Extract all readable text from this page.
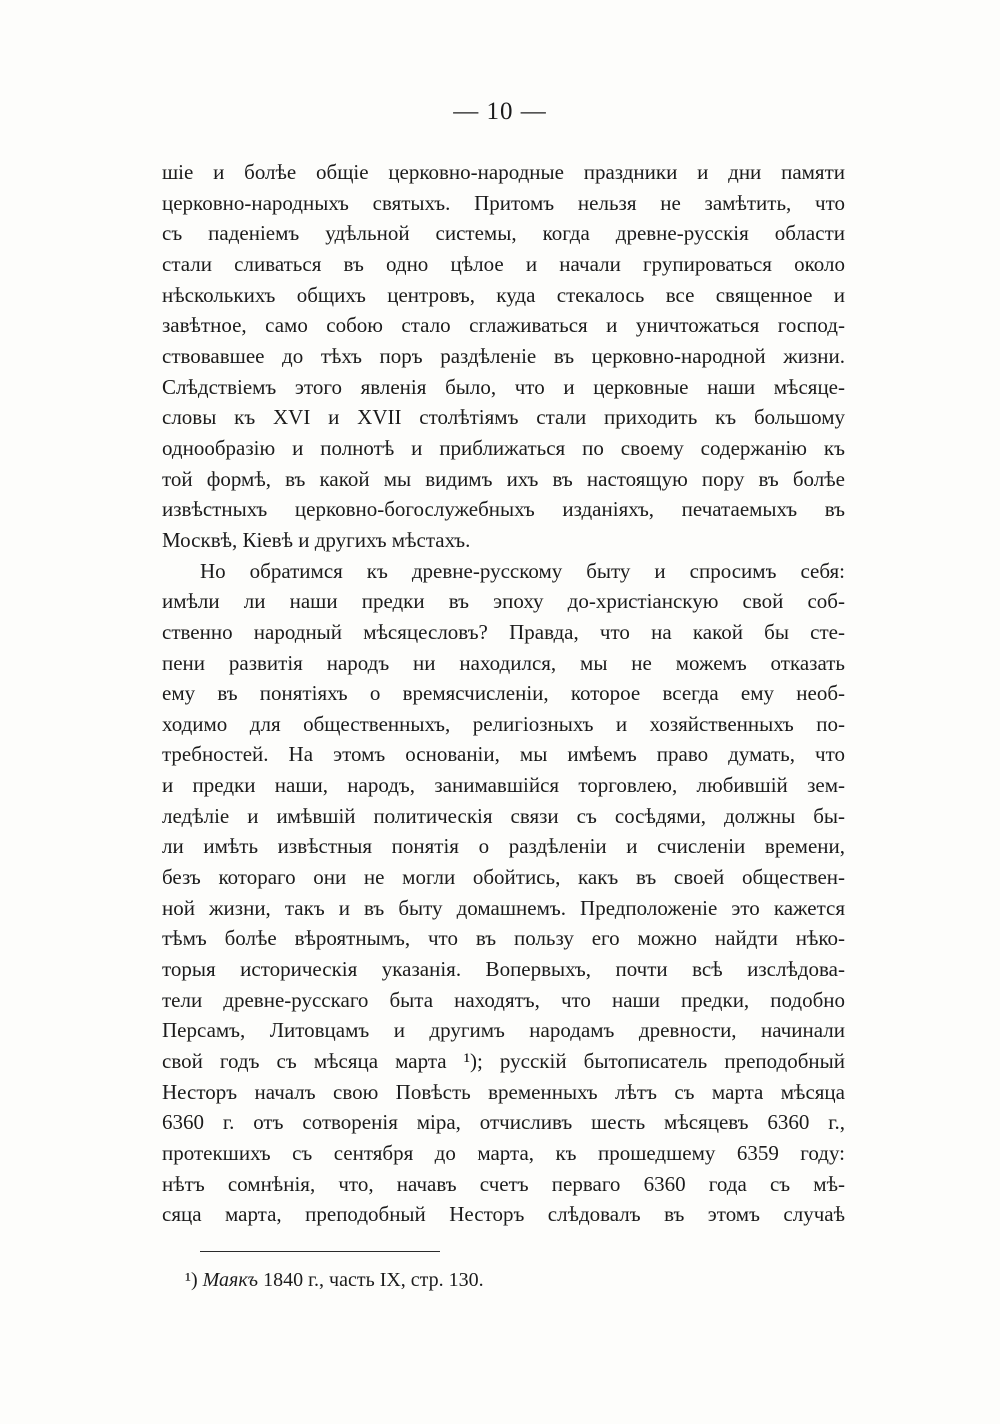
— 10 —
шіе и болѣе общіе церковно-народные праздники и дни памяти
церковно-народныхъ святыхъ. Притомъ нельзя не замѣтить, что
съ паденіемъ удѣльной системы, когда древне-русскія области
стали сливаться въ одно цѣлое и начали групироваться около
нѣсколькихъ общихъ центровъ, куда стекалось все священное и
завѣтное, само собою стало сглаживаться и уничтожаться господ-
ствовавшее до тѣхъ поръ раздѣленіе въ церковно-народной жизни.
Слѣдствіемъ этого явленія было, что и церковные наши мѣсяце-
словы къ XVI и XVII столѣтіямъ стали приходить къ большому
однообразію и полнотѣ и приближаться по своему содержанію къ
той формѣ, въ какой мы видимъ ихъ въ настоящую пору въ болѣе
извѣстныхъ церковно-богослужебныхъ изданіяхъ, печатаемыхъ въ
Москвѣ, Кіевѣ и другихъ мѣстахъ.
Но обратимся къ древне-русскому быту и спросимъ себя:
имѣли ли наши предки въ эпоху до-христіанскую свой соб-
ственно народный мѣсяцесловъ? Правда, что на какой бы сте-
пени развитія народъ ни находился, мы не можемъ отказать
ему въ понятіяхъ о времясчисленіи, которое всегда ему необ-
ходимо для общественныхъ, религіозныхъ и хозяйственныхъ по-
требностей. На этомъ основаніи, мы имѣемъ право думать, что
и предки наши, народъ, занимавшійся торговлею, любившій зем-
ледѣліе и имѣвшій политическія связи съ сосѣдями, должны бы-
ли имѣть извѣстныя понятія о раздѣленіи и счисленіи времени,
безъ котораго они не могли обойтись, какъ въ своей обществен-
ной жизни, такъ и въ быту домашнемъ. Предположеніе это кажется
тѣмъ болѣе вѣроятнымъ, что въ пользу его можно найдти нѣко-
торыя историческія указанія. Вопервыхъ, почти всѣ изслѣдова-
тели древне-русскаго быта находятъ, что наши предки, подобно
Персамъ, Литовцамъ и другимъ народамъ древности, начинали
свой годъ съ мѣсяца марта ¹); русскій бытописатель преподобный
Несторъ началъ свою Повѣсть временныхъ лѣтъ съ марта мѣсяца
6360 г. отъ сотворенія міра, отчисливъ шесть мѣсяцевъ 6360 г.,
протекшихъ съ сентября до марта, къ прошедшему 6359 году:
нѣтъ сомнѣнія, что, начавъ счетъ перваго 6360 года съ мѣ-
сяца марта, преподобный Несторъ слѣдовалъ въ этомъ случаѣ
¹) Маякъ 1840 г., часть IX, стр. 130.
